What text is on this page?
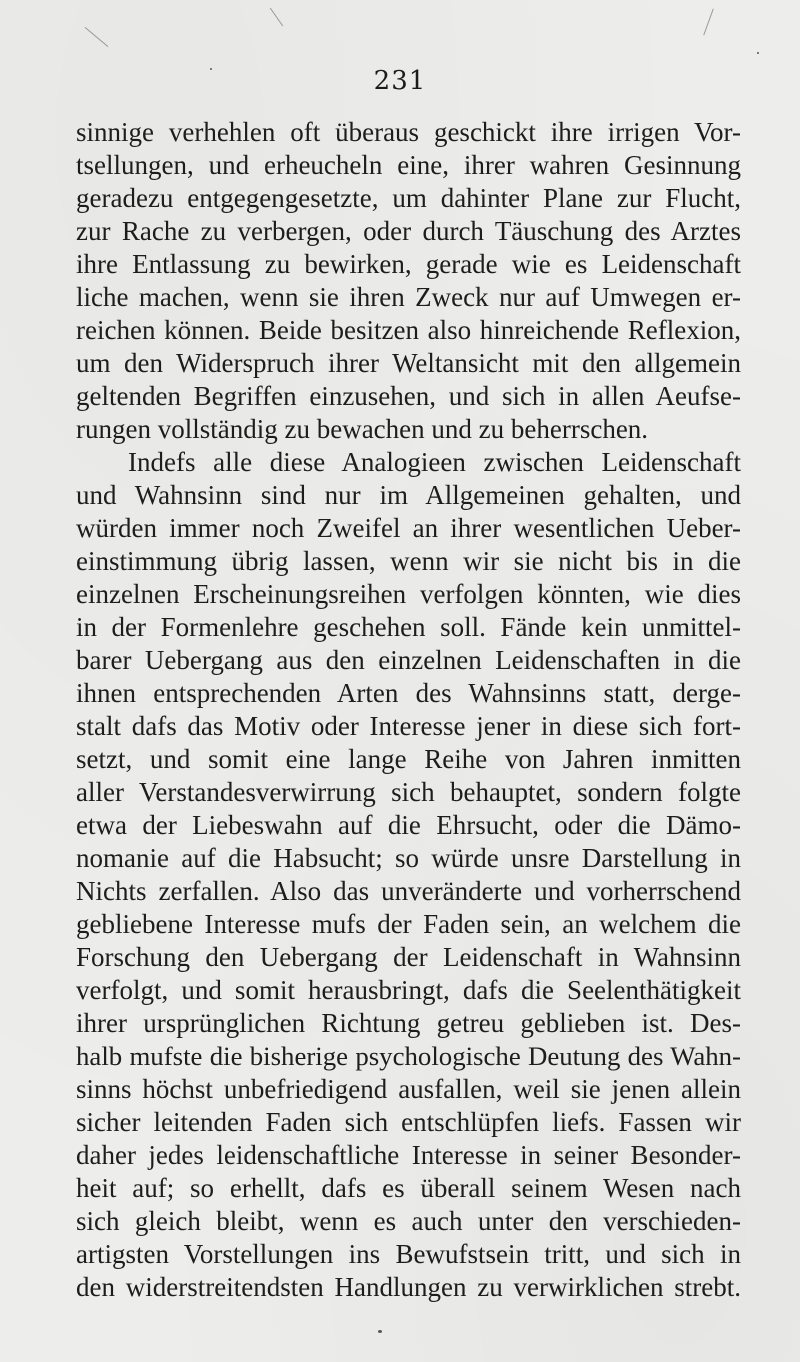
231
sinnige verhehlen oft überaus geschickt ihre irrigen Vor-
tsellungen, und erheucheln eine, ihrer wahren Gesinnung
geradezu entgegengesetzte, um dahinter Plane zur Flucht,
zur Rache zu verbergen, oder durch Täuschung des Arztes
ihre Entlassung zu bewirken, gerade wie es Leidenschaft
liche machen, wenn sie ihren Zweck nur auf Umwegen er-
reichen können. Beide besitzen also hinreichende Reflexion,
um den Widerspruch ihrer Weltansicht mit den allgemein
geltenden Begriffen einzusehen, und sich in allen Aeufse-
rungen vollständig zu bewachen und zu beherrschen.
Indefs alle diese Analogieen zwischen Leidenschaft
und Wahnsinn sind nur im Allgemeinen gehalten, und
würden immer noch Zweifel an ihrer wesentlichen Ueber-
einstimmung übrig lassen, wenn wir sie nicht bis in die
einzelnen Erscheinungsreihen verfolgen könnten, wie dies
in der Formenlehre geschehen soll. Fände kein unmittel-
barer Uebergang aus den einzelnen Leidenschaften in die
ihnen entsprechenden Arten des Wahnsinns statt, derge-
stalt dafs das Motiv oder Interesse jener in diese sich fort-
setzt, und somit eine lange Reihe von Jahren inmitten
aller Verstandesverwirrung sich behauptet, sondern folgte
etwa der Liebeswahn auf die Ehrsucht, oder die Dämo-
nomanie auf die Habsucht; so würde unsre Darstellung in
Nichts zerfallen. Also das unveränderte und vorherrschend
gebliebene Interesse mufs der Faden sein, an welchem die
Forschung den Uebergang der Leidenschaft in Wahnsinn
verfolgt, und somit herausbringt, dafs die Seelenthätigkeit
ihrer ursprünglichen Richtung getreu geblieben ist. Des-
halb mufste die bisherige psychologische Deutung des Wahn-
sinns höchst unbefriedigend ausfallen, weil sie jenen allein
sicher leitenden Faden sich entschlüpfen liefs. Fassen wir
daher jedes leidenschaftliche Interesse in seiner Besonder-
heit auf; so erhellt, dafs es überall seinem Wesen nach
sich gleich bleibt, wenn es auch unter den verschieden-
artigsten Vorstellungen ins Bewufstsein tritt, und sich in
den widerstreitendsten Handlungen zu verwirklichen strebt.
